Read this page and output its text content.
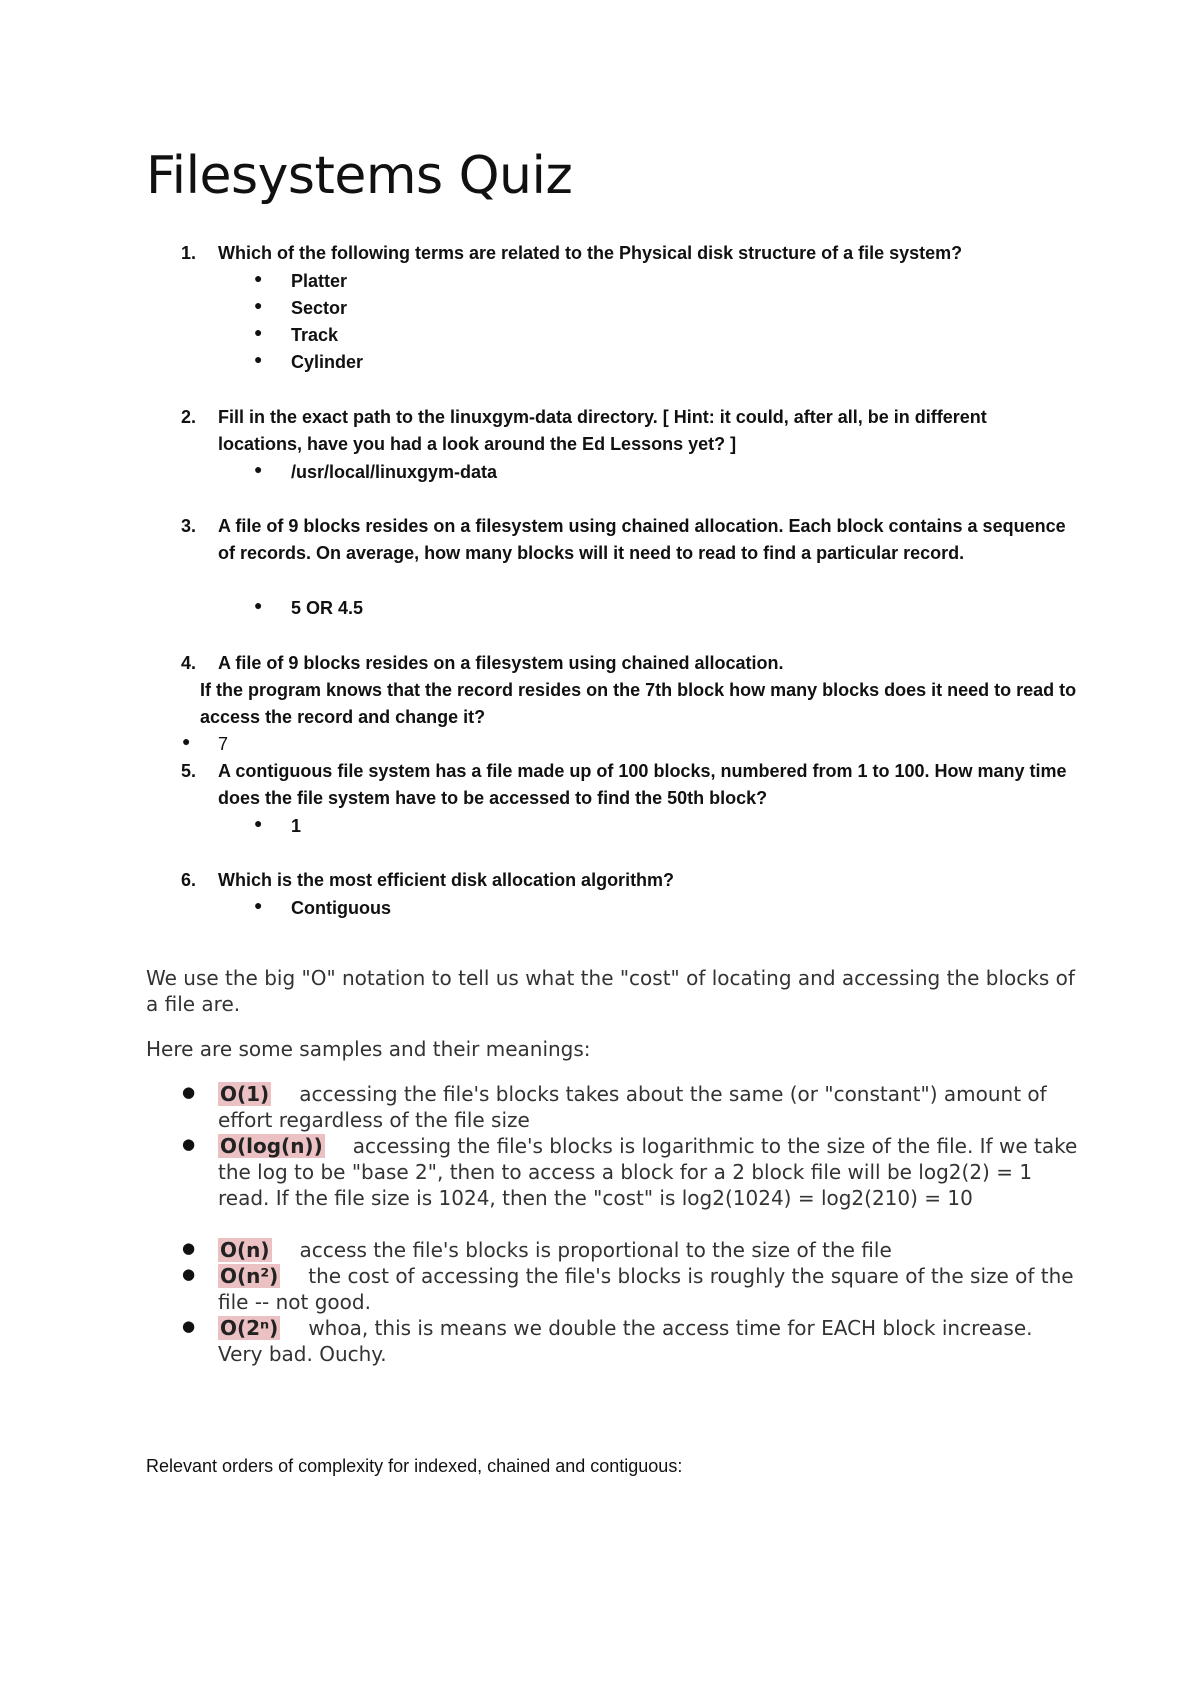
Filesystems Quiz
1.	Which of the following terms are related to the Physical disk structure of a file system?
● Platter
● Sector
● Track
● Cylinder
2.	Fill in the exact path to the linuxgym-data directory. [ Hint: it could, after all, be in different locations, have you had a look around the Ed Lessons yet? ]
● /usr/local/linuxgym-data
3.	A file of 9 blocks resides on a filesystem using chained allocation. Each block contains a sequence of records. On average, how many blocks will it need to read to find a particular record.
● 5 OR 4.5
4.	A file of 9 blocks resides on a filesystem using chained allocation.
If the program knows that the record resides on the 7th block how many blocks does it need to read to access the record and change it?
● 7
5.	A contiguous file system has a file made up of 100 blocks, numbered from 1 to 100. How many time does the file system have to be accessed to find the 50th block?
● 1
6.	Which is the most efficient disk allocation algorithm?
● Contiguous

We use the big "O" notation to tell us what the "cost" of locating and accessing the blocks of a file are.

Here are some samples and their meanings:

● O(1) accessing the file's blocks takes about the same (or "constant") amount of effort regardless of the file size
● O(log(n)) accessing the file's blocks is logarithmic to the size of the file. If we take the log to be "base 2", then to access a block for a 2 block file will be log2(2) = 1 read. If the file size is 1024, then the "cost" is log2(1024) = log2(210) = 10
● O(n) access the file's blocks is proportional to the size of the file
● O(n²) the cost of accessing the file's blocks is roughly the square of the size of the file -- not good.
● O(2ⁿ) whoa, this is means we double the access time for EACH block increase. Very bad. Ouchy.
Relevant orders of complexity for indexed, chained and contiguous:
